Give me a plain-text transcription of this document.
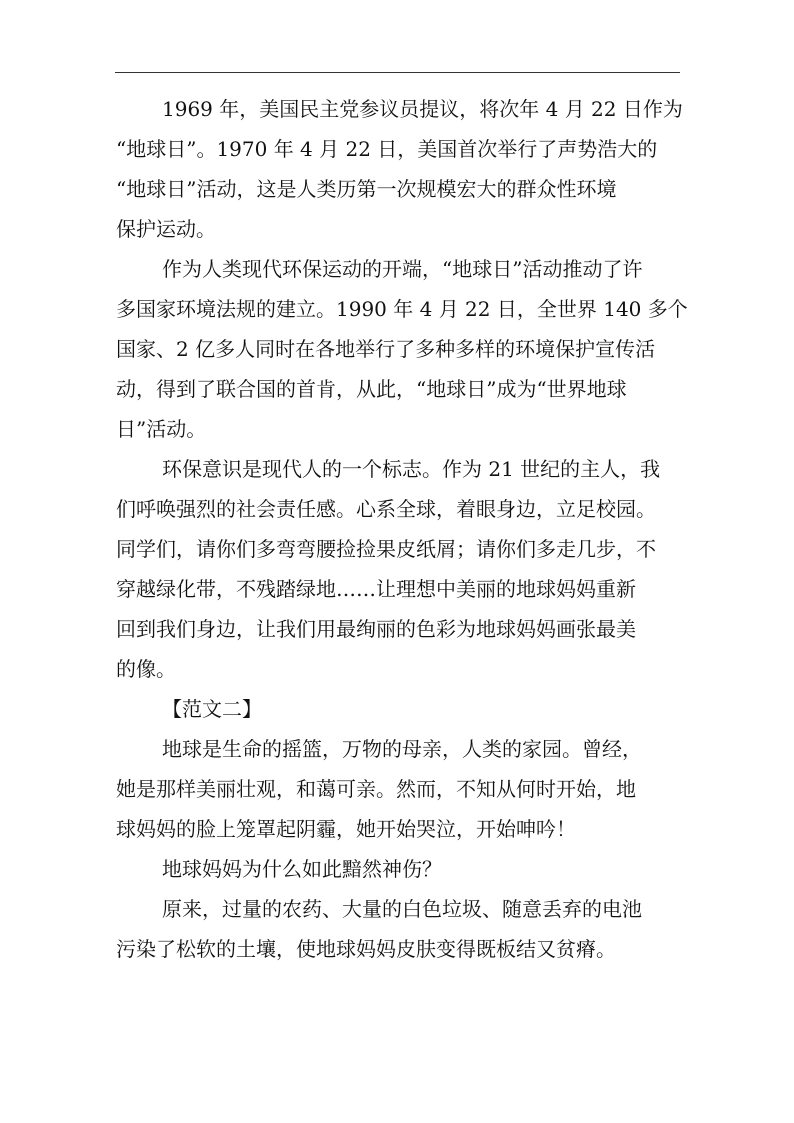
1969 年，美国民主党参议员提议，将次年 4 月 22 日作为
“地球日”。1970 年 4 月 22 日，美国首次举行了声势浩大的
“地球日”活动，这是人类历第一次规模宏大的群众性环境
保护运动。

作为人类现代环保运动的开端，“地球日”活动推动了许
多国家环境法规的建立。1990 年 4 月 22 日，全世界 140 多个
国家、2 亿多人同时在各地举行了多种多样的环境保护宣传活
动，得到了联合国的首肯，从此，“地球日”成为“世界地球
日”活动。

环保意识是现代人的一个标志。作为 21 世纪的主人，我
们呼唤强烈的社会责任感。心系全球，着眼身边，立足校园。
同学们，请你们多弯弯腰捡捡果皮纸屑；请你们多走几步，不
穿越绿化带，不残踏绿地……让理想中美丽的地球妈妈重新
回到我们身边，让我们用最绚丽的色彩为地球妈妈画张最美
的像。

【范文二】

地球是生命的摇篮，万物的母亲，人类的家园。曾经，
她是那样美丽壮观，和蔼可亲。然而，不知从何时开始，地
球妈妈的脸上笼罩起阴霾，她开始哭泣，开始呻吟！

地球妈妈为什么如此黯然神伤？

原来，过量的农药、大量的白色垃圾、随意丢弃的电池
污染了松软的土壤，使地球妈妈皮肤变得既板结又贫瘠。
